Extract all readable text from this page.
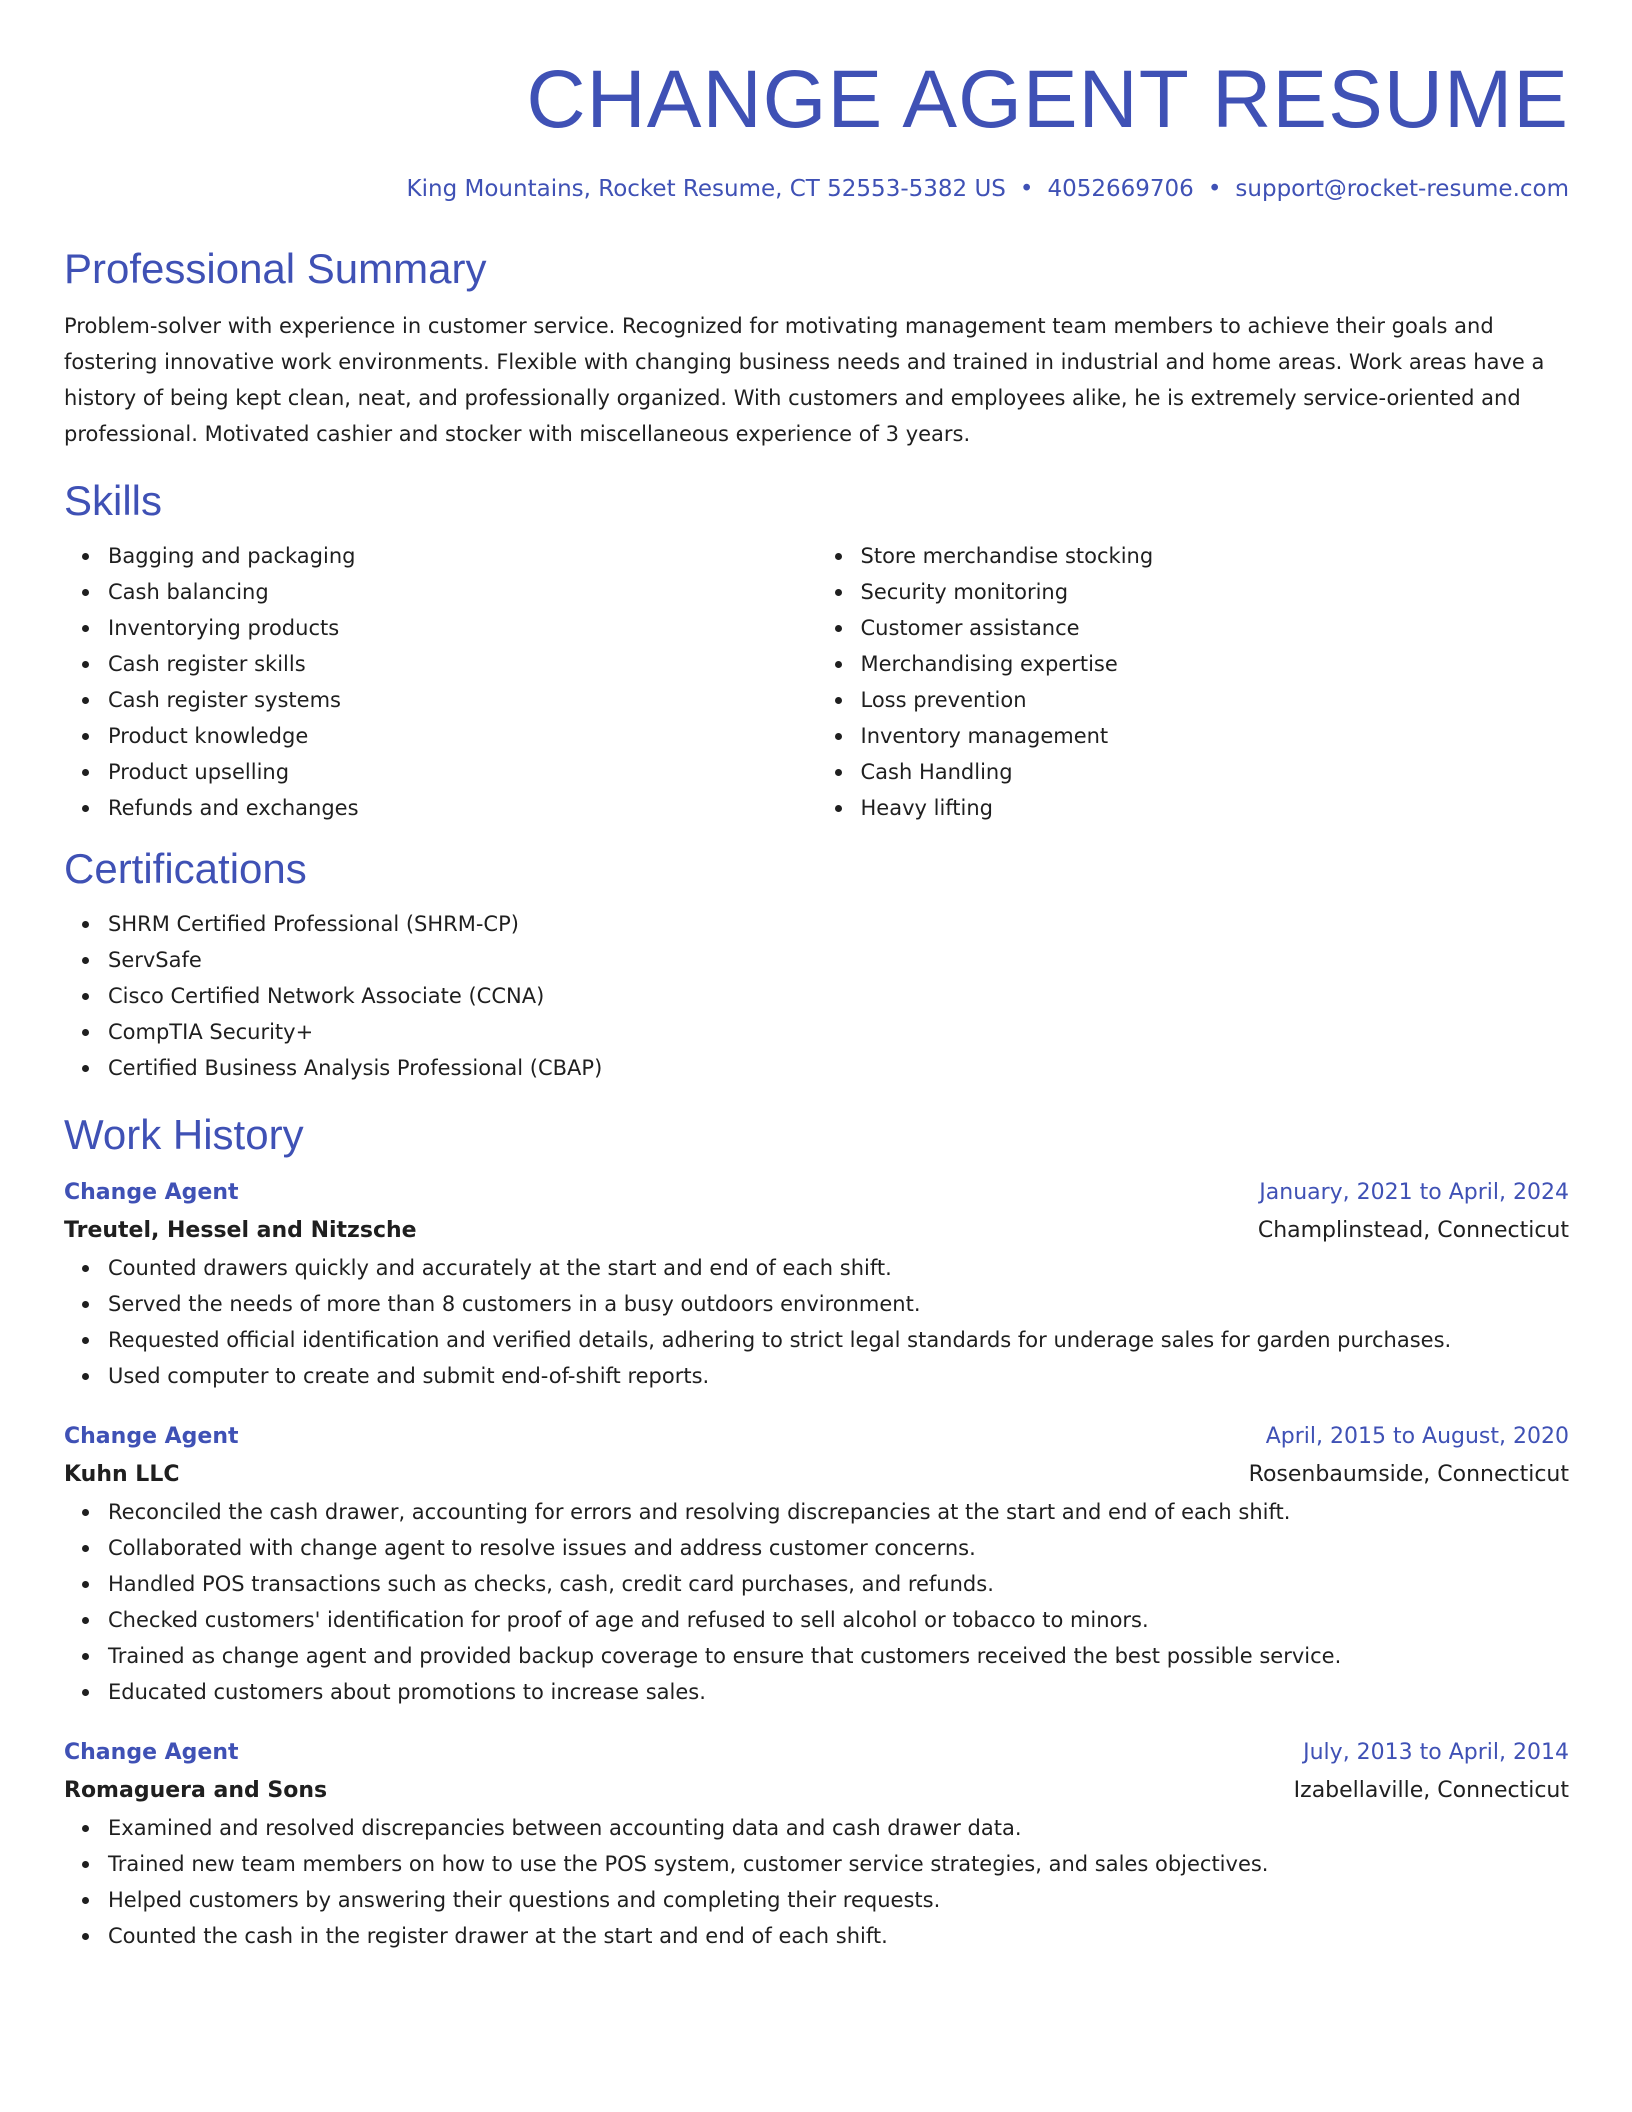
CHANGE AGENT RESUME
King Mountains, Rocket Resume, CT 52553-5382 US • 4052669706 • support@rocket-resume.com
Professional Summary

Problem-solver with experience in customer service. Recognized for motivating management team members to achieve their goals and fostering innovative work environments. Flexible with changing business needs and trained in industrial and home areas. Work areas have a history of being kept clean, neat, and professionally organized. With customers and employees alike, he is extremely service-oriented and professional. Motivated cashier and stocker with miscellaneous experience of 3 years.

Skills
Bagging and packaging
Cash balancing
Inventorying products
Cash register skills
Cash register systems
Product knowledge
Product upselling
Refunds and exchanges
Store merchandise stocking
Security monitoring
Customer assistance
Merchandising expertise
Loss prevention
Inventory management
Cash Handling
Heavy lifting
Certifications
SHRM Certified Professional (SHRM-CP)
ServSafe
Cisco Certified Network Associate (CCNA)
CompTIA Security+
Certified Business Analysis Professional (CBAP)
Work History
Change Agent	January, 2021 to April, 2024
Treutel, Hessel and Nitzsche	Champlinstead, Connecticut
Counted drawers quickly and accurately at the start and end of each shift.
Served the needs of more than 8 customers in a busy outdoors environment.
Requested official identification and verified details, adhering to strict legal standards for underage sales for garden purchases.
Used computer to create and submit end-of-shift reports.
Change Agent	April, 2015 to August, 2020
Kuhn LLC	Rosenbaumside, Connecticut
Reconciled the cash drawer, accounting for errors and resolving discrepancies at the start and end of each shift.
Collaborated with change agent to resolve issues and address customer concerns.
Handled POS transactions such as checks, cash, credit card purchases, and refunds.
Checked customers' identification for proof of age and refused to sell alcohol or tobacco to minors.
Trained as change agent and provided backup coverage to ensure that customers received the best possible service.
Educated customers about promotions to increase sales.
Change Agent	July, 2013 to April, 2014
Romaguera and Sons	Izabellaville, Connecticut
Examined and resolved discrepancies between accounting data and cash drawer data.
Trained new team members on how to use the POS system, customer service strategies, and sales objectives.
Helped customers by answering their questions and completing their requests.
Counted the cash in the register drawer at the start and end of each shift.
